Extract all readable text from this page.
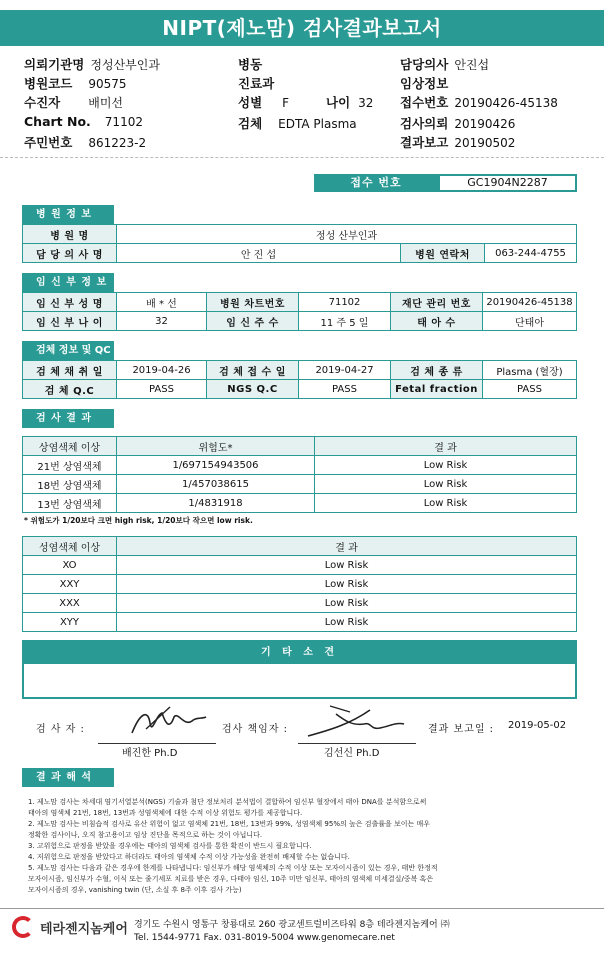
NIPT(제노맘) 검사결과보고서
의뢰기관명 정성산부인과
병원코드 90575
수진자 배미선
Chart No. 71102
주민번호 861223-2
병동
진료과
성별 F	나이 32
검체 EDTA Plasma
담당의사 안진섭
임상정보
접수번호 20190426-45138
검사의뢰 20190426
결과보고 20190502
접수 번호	GC1904N2287
병 원 정 보
병 원 명	정성 산부인과		
담 당 의 사 명	안 진 섭	병원 연락처	063-244-4755
임 신 부 정 보
임 신 부 성 명	배 * 선	병원 차트번호	71102	재단 관리 번호	20190426-45138
임 신 부 나 이	32	임 신 주 수	11 주 5 일	태 아 수	단태아
검체 정보 및 QC
검 체 채 취 일	2019-04-26	검 체 접 수 일	2019-04-27	검 체 종 류	Plasma (혈장)
검 체 Q.C	PASS	NGS Q.C	PASS	Fetal fraction	PASS
검 사 결 과
상염색체 이상	위험도*	결 과
21번 상염색체	1/697154943506	Low Risk
18번 상염색체	1/457038615	Low Risk
13번 상염색체	1/4831918	Low Risk
* 위험도가 1/20보다 크면 high risk, 1/20보다 작으면 low risk.
성염색체 이상	결 과
XO	Low Risk
XXY	Low Risk
XXX	Low Risk
XYY	Low Risk
기 타 소 견
검 사 자 :
배진한 Ph.D
검사 책임자 :
김선신 Ph.D
결과 보고일 : 2019-05-02
결 과 해 석

1. 제노맘 검사는 차세대 염기서열분석(NGS) 기술과 첨단 정보처리 분석법이 결합하여 임신부 혈장에서 태아 DNA를 분석함으로써

태아의 염색체 21번, 18번, 13번과 성염색체에 대한 수적 이상 위험도 평가를 제공합니다.

2. 제노맘 검사는 비침습적 검사로 유산 위험이 없고 염색체 21번, 18번, 13번과 99%, 성염색체 95%의 높은 검출률을 보이는 매우

정확한 검사이나, 오직 참고용이고 임상 진단을 목적으로 하는 것이 아닙니다.

3. 고위험으로 판정을 받았을 경우에는 태아의 염색체 검사를 통한 확진이 반드시 필요합니다.

4. 저위험으로 판정을 받았다고 하더라도 태아의 염색체 수적 이상 가능성을 완전히 배제할 수는 없습니다.

5. 제노맘 검사는 다음과 같은 경우에 한계를 나타냅니다: 임신부가 해당 염색체의 수적 이상 또는 모자이시즘이 있는 경우, 태반 한정적

모자이시즘, 임신부가 수혈, 이식 또는 줄기세포 치료를 받은 경우, 다태아 임신, 10주 미만 임신부, 태아의 염색체 미세결실/중복 혹은

모자이시즘의 경우, vanishing twin (단, 소실 후 8주 이후 검사 가능)

테라젠지놈케어 경기도 수원시 영통구 창룡대로 260 광교센트럴비즈타워 8층 테라젠지놈케어 ㈜
Tel. 1544-9771 Fax. 031-8019-5004 www.genomecare.net
